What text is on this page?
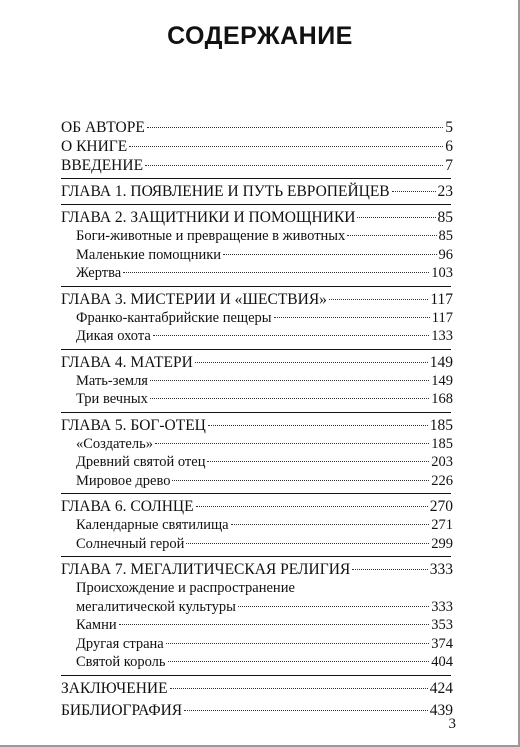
СОДЕРЖАНИЕ
ОБ АВТОРЕ	5
О КНИГЕ	6
ВВЕДЕНИЕ	7
ГЛАВА 1. ПОЯВЛЕНИЕ И ПУТЬ ЕВРОПЕЙЦЕВ	23
ГЛАВА 2. ЗАЩИТНИКИ И ПОМОЩНИКИ	85
Боги-животные и превращение в животных	85
Маленькие помощники	96
Жертва	103
ГЛАВА 3. МИСТЕРИИ И «ШЕСТВИЯ»	117
Франко-кантабрийские пещеры	117
Дикая охота	133
ГЛАВА 4. МАТЕРИ	149
Мать-земля	149
Три вечных	168
ГЛАВА 5. БОГ-ОТЕЦ	185
«Создатель»	185
Древний святой отец	203
Мировое древо	226
ГЛАВА 6. СОЛНЦЕ	270
Календарные святилища	271
Солнечный герой	299
ГЛАВА 7. МЕГАЛИТИЧЕСКАЯ РЕЛИГИЯ	333
Происхождение и распространение
мегалитической культуры	333
Камни	353
Другая страна	374
Святой король	404
ЗАКЛЮЧЕНИЕ	424
БИБЛИОГРАФИЯ	439
3
